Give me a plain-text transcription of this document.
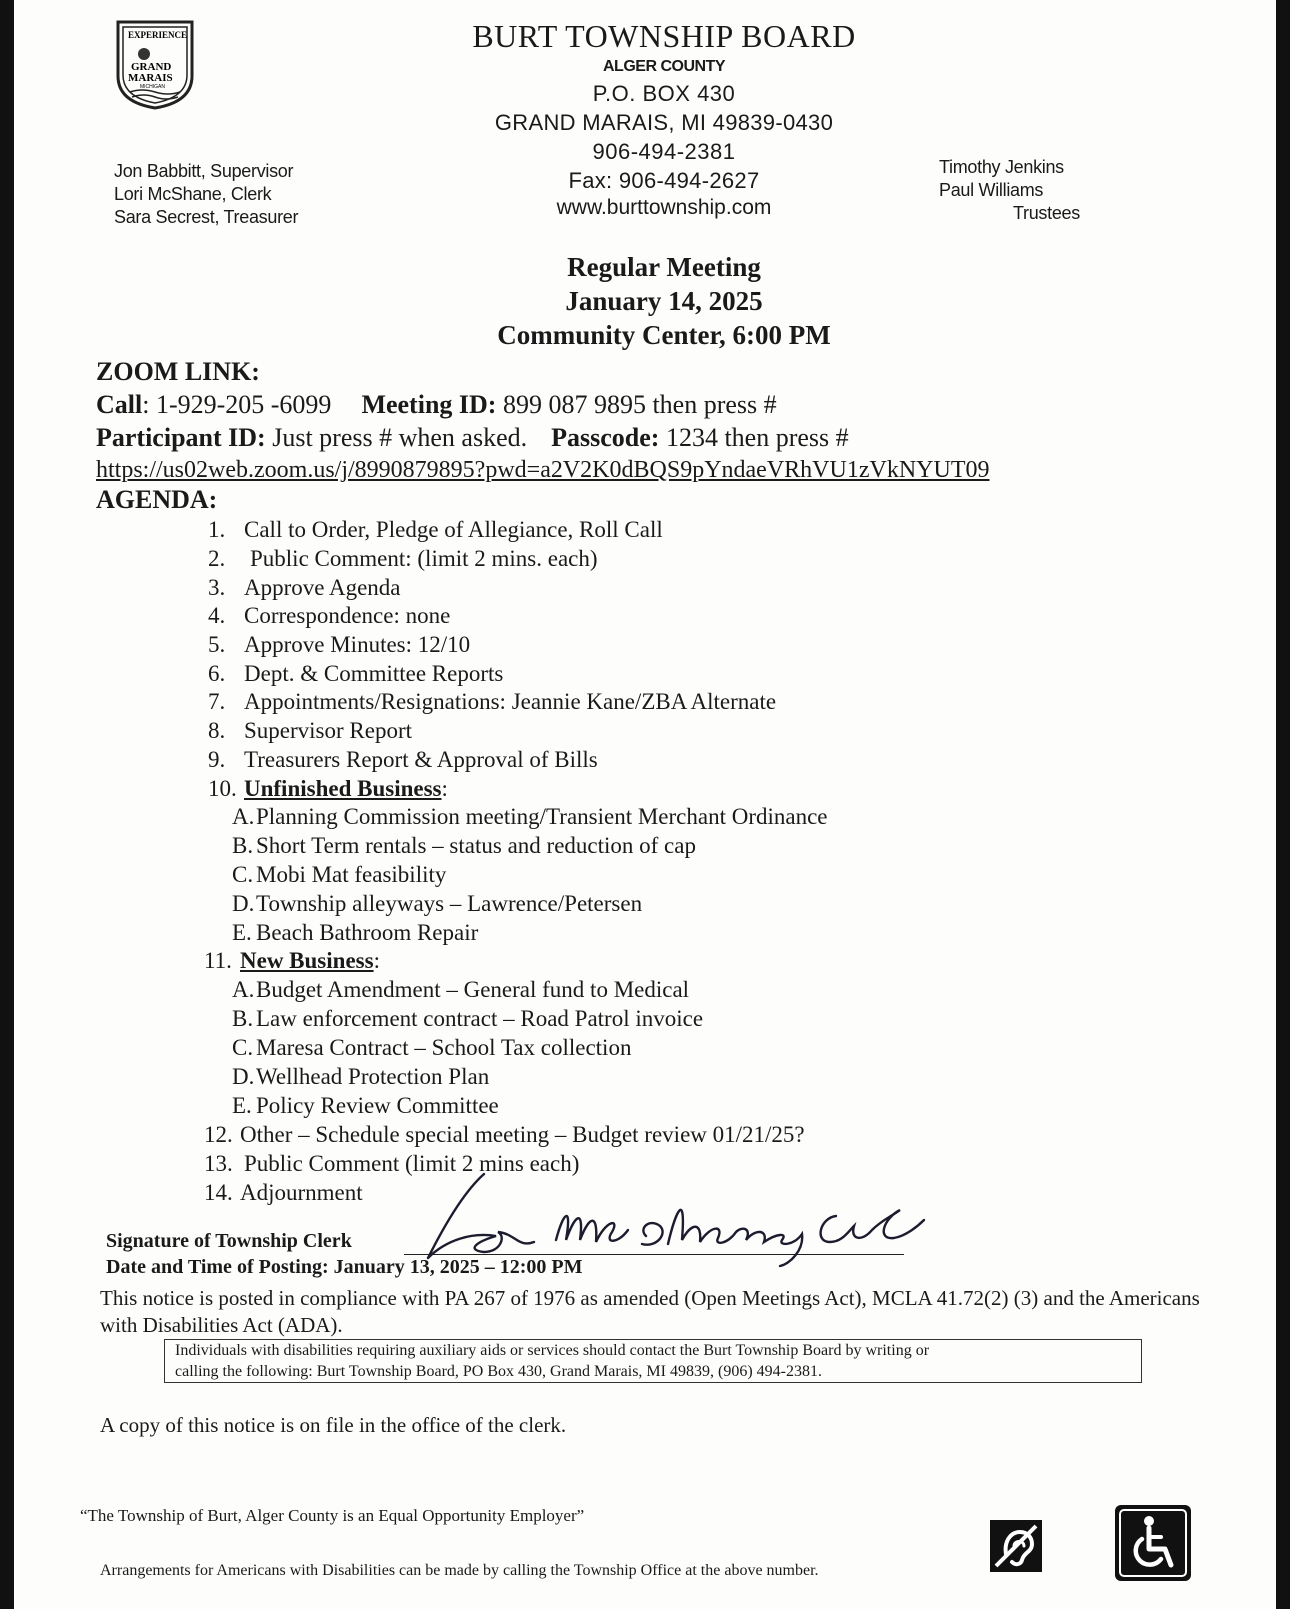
EXPERIENCE
GRAND
MARAIS
MICHIGAN
BURT TOWNSHIP BOARD
ALGER COUNTY
P.O. BOX 430
GRAND MARAIS, MI 49839-0430
906-494-2381
Fax: 906-494-2627
www.burttownship.com
Jon Babbitt, Supervisor
Lori McShane, Clerk
Sara Secrest, Treasurer
Timothy Jenkins
Paul Williams
Trustees
Regular Meeting
January 14, 2025
Community Center, 6:00 PM
ZOOM LINK:
Call: 1-929-205 -6099 Meeting ID: 899 087 9895 then press #
Participant ID: Just press # when asked. Passcode: 1234 then press #
https://us02web.zoom.us/j/8990879895?pwd=a2V2K0dBQS9pYndaeVRhVU1zVkNYUT09
AGENDA:
1. Call to Order, Pledge of Allegiance, Roll Call
2. Public Comment: (limit 2 mins. each)
3. Approve Agenda
4. Correspondence: none
5. Approve Minutes: 12/10
6. Dept. & Committee Reports
7. Appointments/Resignations: Jeannie Kane/ZBA Alternate
8. Supervisor Report
9. Treasurers Report & Approval of Bills
10. Unfinished Business:
A.Planning Commission meeting/Transient Merchant Ordinance
B. Short Term rentals – status and reduction of cap
C. Mobi Mat feasibility
D.Township alleyways – Lawrence/Petersen
E. Beach Bathroom Repair
11. New Business:
A.Budget Amendment – General fund to Medical
B. Law enforcement contract – Road Patrol invoice
C. Maresa Contract – School Tax collection
D.Wellhead Protection Plan
E. Policy Review Committee
12. Other – Schedule special meeting – Budget review 01/21/25?
13. Public Comment (limit 2 mins each)
14. Adjournment
Signature of Township Clerk
Date and Time of Posting: January 13, 2025 – 12:00 PM
This notice is posted in compliance with PA 267 of 1976 as amended (Open Meetings Act), MCLA 41.72(2) (3) and the Americans with Disabilities Act (ADA).
Individuals with disabilities requiring auxiliary aids or services should contact the Burt Township Board by writing or
calling the following: Burt Township Board, PO Box 430, Grand Marais, MI 49839, (906) 494-2381.
A copy of this notice is on file in the office of the clerk.
“The Township of Burt, Alger County is an Equal Opportunity Employer”
Arrangements for Americans with Disabilities can be made by calling the Township Office at the above number.
